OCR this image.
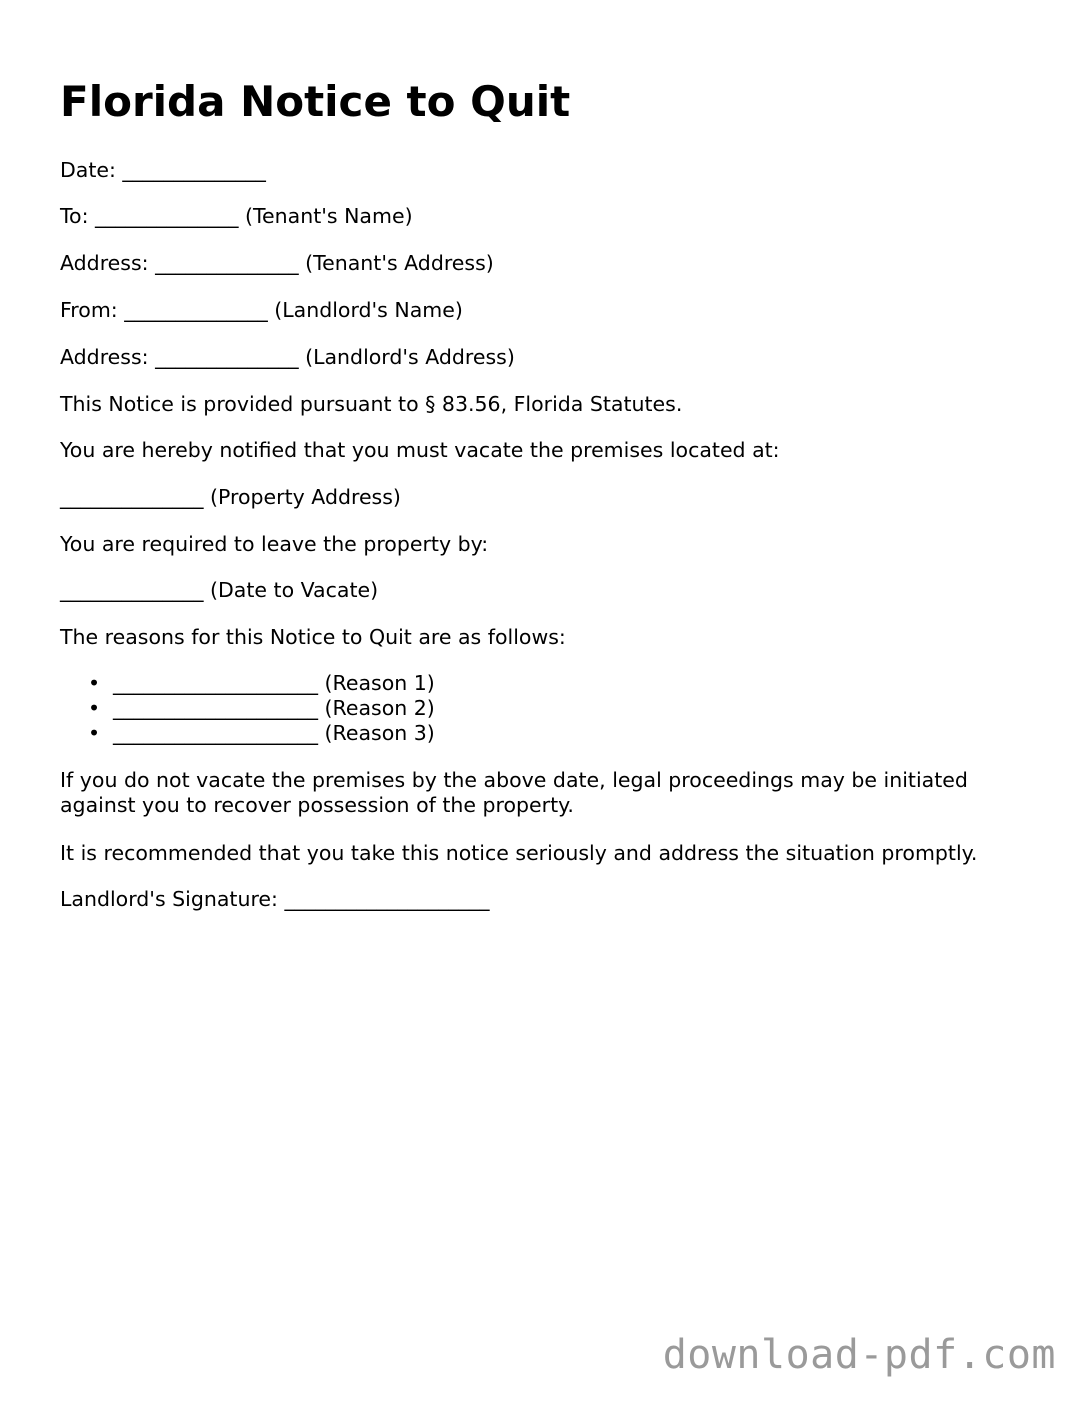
Florida Notice to Quit
Date: ______________
To: ______________ (Tenant's Name)
Address: ______________ (Tenant's Address)
From: ______________ (Landlord's Name)
Address: ______________ (Landlord's Address)
This Notice is provided pursuant to § 83.56, Florida Statutes.
You are hereby notified that you must vacate the premises located at:
______________ (Property Address)
You are required to leave the property by:
______________ (Date to Vacate)
The reasons for this Notice to Quit are as follows:
• ____________________ (Reason 1)
• ____________________ (Reason 2)
• ____________________ (Reason 3)
If you do not vacate the premises by the above date, legal proceedings may be initiated against you to recover possession of the property.
It is recommended that you take this notice seriously and address the situation promptly.
Landlord's Signature: ____________________
download-pdf.com
